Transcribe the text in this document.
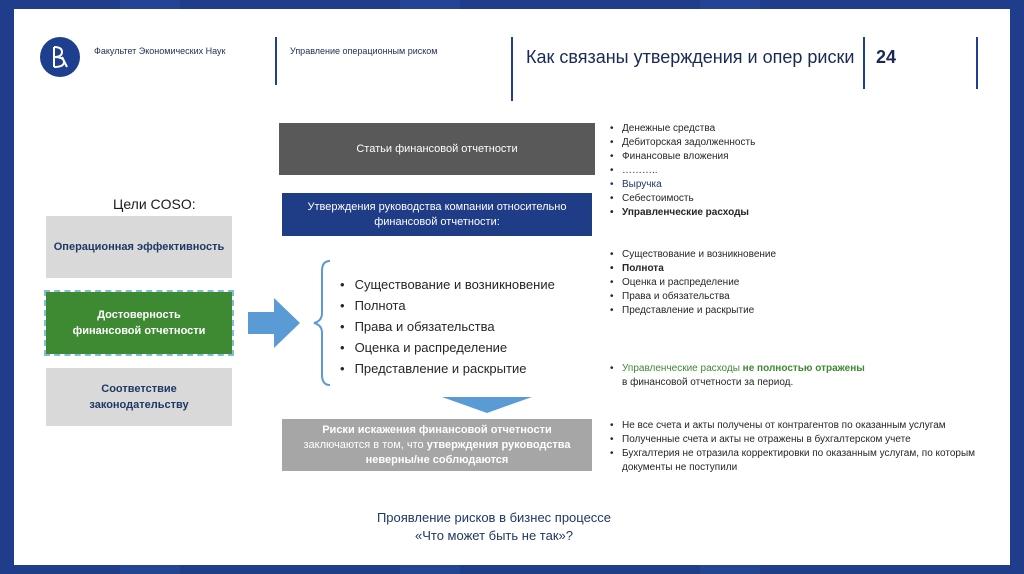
Факультет Экономических Наук	Управление операционным риском	Как связаны утверждения и опер риски	24
Цели COSO:
Операционная эффективность
Достоверность финансовой отчетности
Соответствие законодательству
Статьи финансовой отчетности
Утверждения руководства компании относительно финансовой отчетности:
• Существование и возникновение
• Полнота
• Права и обязательства
• Оценка и распределение
• Представление и раскрытие
Риски искажения финансовой отчетности
заключаются в том, что утверждения руководства
неверны/не соблюдаются
Проявление рисков в бизнес процессе
«Что может быть не так»?
• Денежные средства
• Дебиторская задолженность
• Финансовые вложения
• ………..
• Выручка
• Себестоимость
• Управленческие расходы
• Существование и возникновение
• Полнота
• Оценка и распределение
• Права и обязательства
• Представление и раскрытие
• Управленческие расходы не полностью отражены
в финансовой отчетности за период.
• Не все счета и акты получены от контрагентов по оказанным услугам
• Полученные счета и акты не отражены в бухгалтерском учете
• Бухгалтерия не отразила корректировки по оказанным услугам, по которым документы не поступили
